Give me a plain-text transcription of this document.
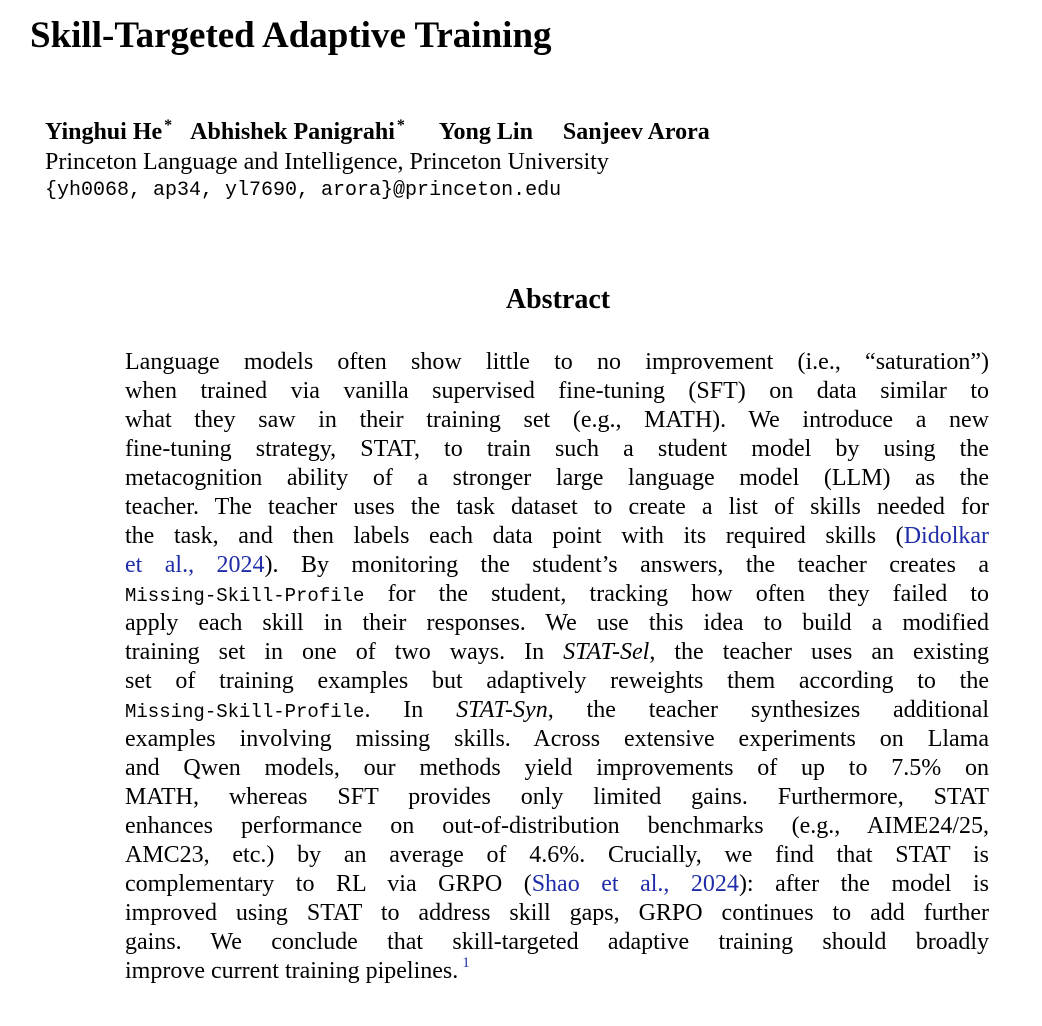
Skill-Targeted Adaptive Training
Yinghui He * Abhishek Panigrahi * Yong Lin Sanjeev Arora
Princeton Language and Intelligence, Princeton University
{yh0068, ap34, yl7690, arora}@princeton.edu
Abstract
Language models often show little to no improvement (i.e., “saturation”)
when trained via vanilla supervised fine-tuning (SFT) on data similar to
what they saw in their training set (e.g., MATH). We introduce a new
fine-tuning strategy, STAT, to train such a student model by using the
metacognition ability of a stronger large language model (LLM) as the
teacher. The teacher uses the task dataset to create a list of skills needed for
the task, and then labels each data point with its required skills (Didolkar
et al., 2024). By monitoring the student’s answers, the teacher creates a
Missing-Skill-Profile for the student, tracking how often they failed to
apply each skill in their responses. We use this idea to build a modified
training set in one of two ways. In STAT-Sel, the teacher uses an existing
set of training examples but adaptively reweights them according to the
Missing-Skill-Profile. In STAT-Syn, the teacher synthesizes additional
examples involving missing skills. Across extensive experiments on Llama
and Qwen models, our methods yield improvements of up to 7.5% on
MATH, whereas SFT provides only limited gains. Furthermore, STAT
enhances performance on out-of-distribution benchmarks (e.g., AIME24/25,
AMC23, etc.) by an average of 4.6%. Crucially, we find that STAT is
complementary to RL via GRPO (Shao et al., 2024): after the model is
improved using STAT to address skill gaps, GRPO continues to add further
gains. We conclude that skill-targeted adaptive training should broadly
improve current training pipelines. $^1$
